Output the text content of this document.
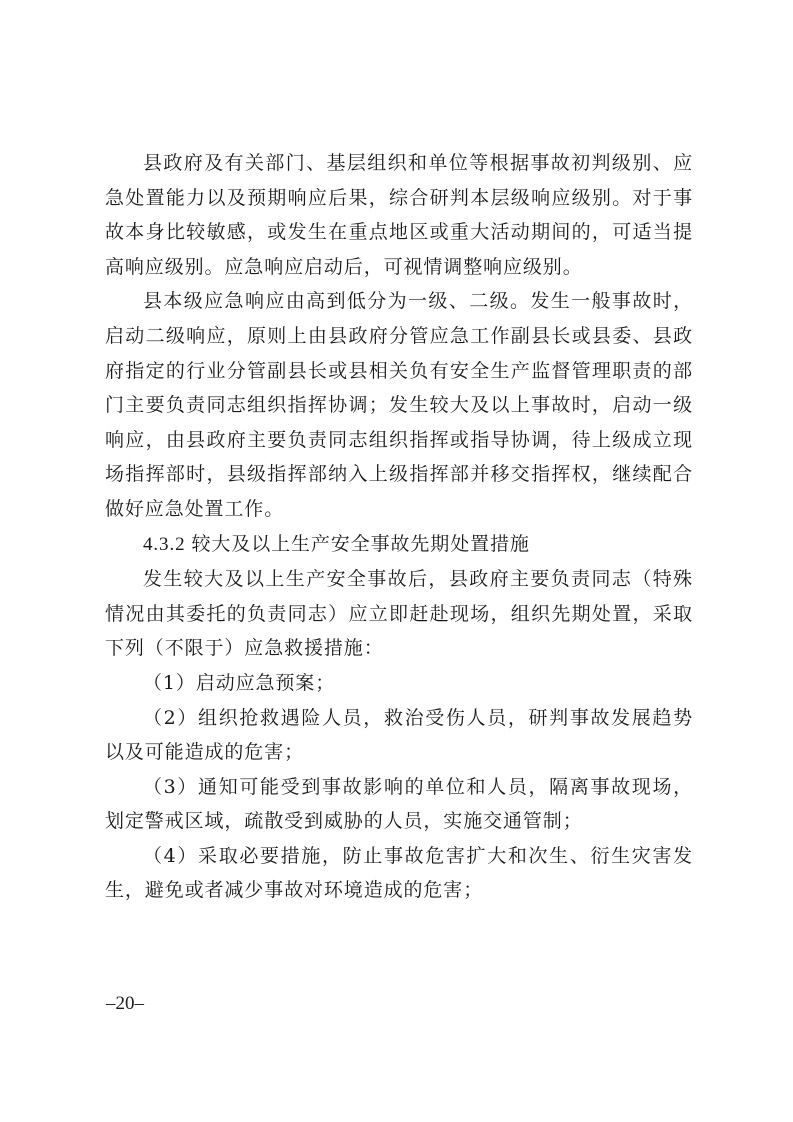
县政府及有关部门、基层组织和单位等根据事故初判级别、应急处置能力以及预期响应后果，综合研判本层级响应级别。对于事故本身比较敏感，或发生在重点地区或重大活动期间的，可适当提高响应级别。应急响应启动后，可视情调整响应级别。

县本级应急响应由高到低分为一级、二级。发生一般事故时，启动二级响应，原则上由县政府分管应急工作副县长或县委、县政府指定的行业分管副县长或县相关负有安全生产监督管理职责的部门主要负责同志组织指挥协调；发生较大及以上事故时，启动一级响应，由县政府主要负责同志组织指挥或指导协调，待上级成立现场指挥部时，县级指挥部纳入上级指挥部并移交指挥权，继续配合做好应急处置工作。

4.3.2 较大及以上生产安全事故先期处置措施

发生较大及以上生产安全事故后，县政府主要负责同志（特殊情况由其委托的负责同志）应立即赶赴现场，组织先期处置，采取下列（不限于）应急救援措施：

（1）启动应急预案；

（2）组织抢救遇险人员，救治受伤人员，研判事故发展趋势以及可能造成的危害；

（3）通知可能受到事故影响的单位和人员，隔离事故现场，划定警戒区域，疏散受到威胁的人员，实施交通管制；

（4）采取必要措施，防止事故危害扩大和次生、衍生灾害发生，避免或者减少事故对环境造成的危害；

–20–
